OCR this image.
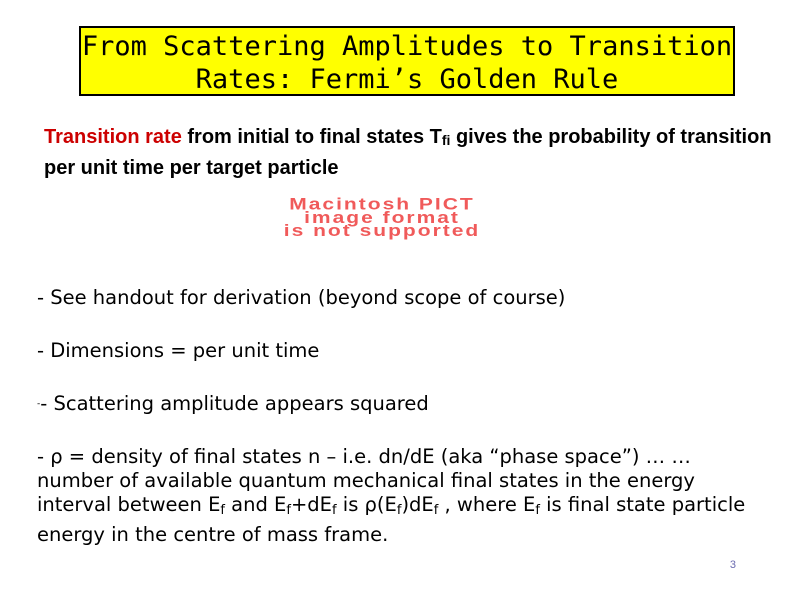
From Scattering Amplitudes to Transition
Rates: Fermi’s Golden Rule
Transition rate from initial to final states $T_{fi}$ gives the probability of transition per unit time per target particle
Macintosh PICT
image format
is not supported
- See handout for derivation (beyond scope of course)
- Dimensions = per unit time
-- Scattering amplitude appears squared
- ρ = density of final states n – i.e. dn/dE (aka “phase space”) … … number of available quantum mechanical final states in the energy interval between $E_f$ and $E_f+dE_f$ is $\rho(E_f)dE_f$ , where $E_f$ is final state particle energy in the centre of mass frame.
3
